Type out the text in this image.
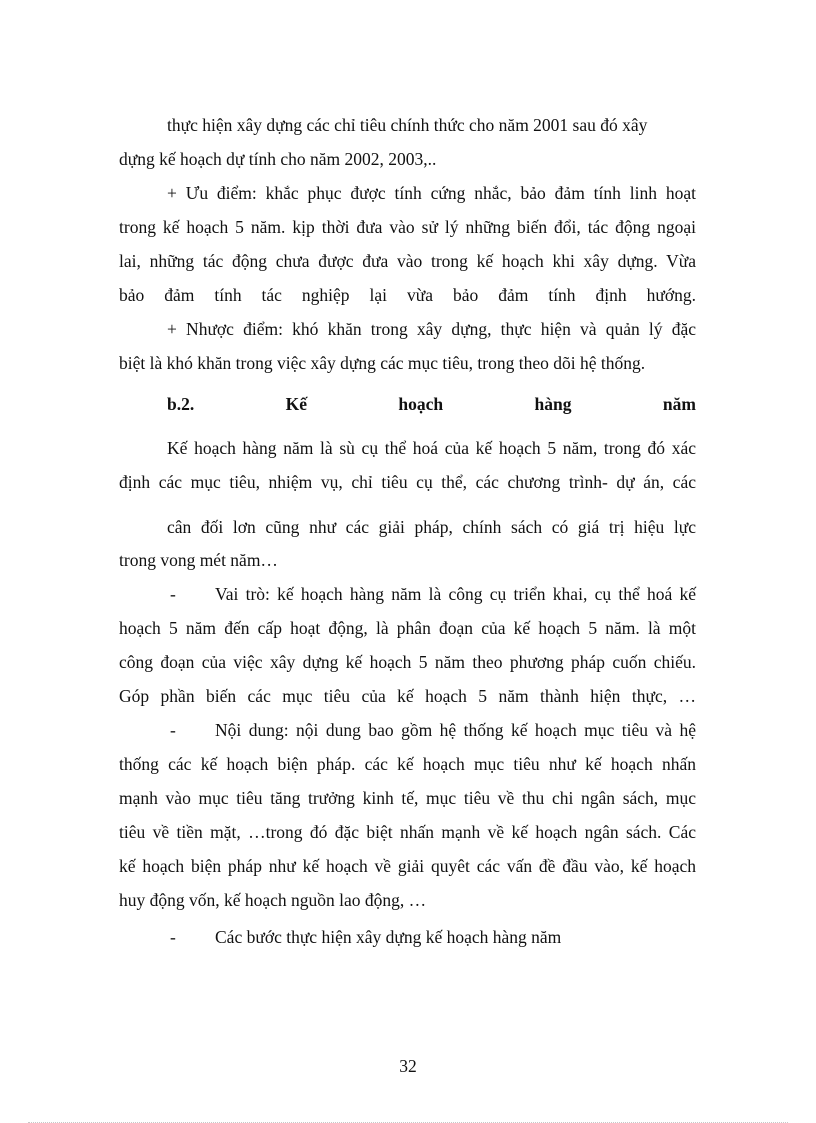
thực hiện xây dựng các chỉ tiêu chính thức cho năm 2001 sau đó xây
dựng kế hoạch dự tính cho năm 2002, 2003,..
+ Ưu điểm: khắc phục được tính cứng nhắc, bảo đảm tính linh hoạt
trong kế hoạch 5 năm. kịp thời đưa vào sử lý những biến đổi, tác động ngoại
lai, những tác động chưa được đưa vào trong kế hoạch khi xây dựng. Vừa
bảo đảm tính tác nghiệp lại vừa bảo đảm tính định hướng.
+ Nhược điểm: khó khăn trong xây dựng, thực hiện và quản lý đặc
biệt là khó khăn trong việc xây dựng các mục tiêu, trong theo dõi hệ thống.
b.2.	Kế	hoạch	hàng	năm
Kế hoạch hàng năm là sù cụ thể hoá của kế hoạch 5 năm, trong đó xác
định các mục tiêu, nhiệm vụ, chỉ tiêu cụ thể, các chương trình- dự án, các
cân đối lơn cũng như các giải pháp, chính sách có giá trị hiệu lực
trong vong mét năm…
- Vai trò: kế hoạch hàng năm là công cụ triển khai, cụ thể hoá kế
hoạch 5 năm đến cấp hoạt động, là phân đoạn của kế hoạch 5 năm. là một
công đoạn của việc xây dựng kế hoạch 5 năm theo phương pháp cuốn chiếu.
Góp phần biến các mục tiêu của kế hoạch 5 năm thành hiện thực, …
- Nội dung: nội dung bao gồm hệ thống kế hoạch mục tiêu và hệ
thống các kế hoạch biện pháp. các kế hoạch mục tiêu như kế hoạch nhấn
mạnh vào mục tiêu tăng trưởng kinh tế, mục tiêu về thu chi ngân sách, mục
tiêu về tiền mặt, …trong đó đặc biệt nhấn mạnh về kế hoạch ngân sách. Các
kế hoạch biện pháp như kế hoạch về giải quyêt các vấn đề đầu vào, kế hoạch
huy động vốn, kế hoạch nguồn lao động, …
- Các bước thực hiện xây dựng kế hoạch hàng năm
32
